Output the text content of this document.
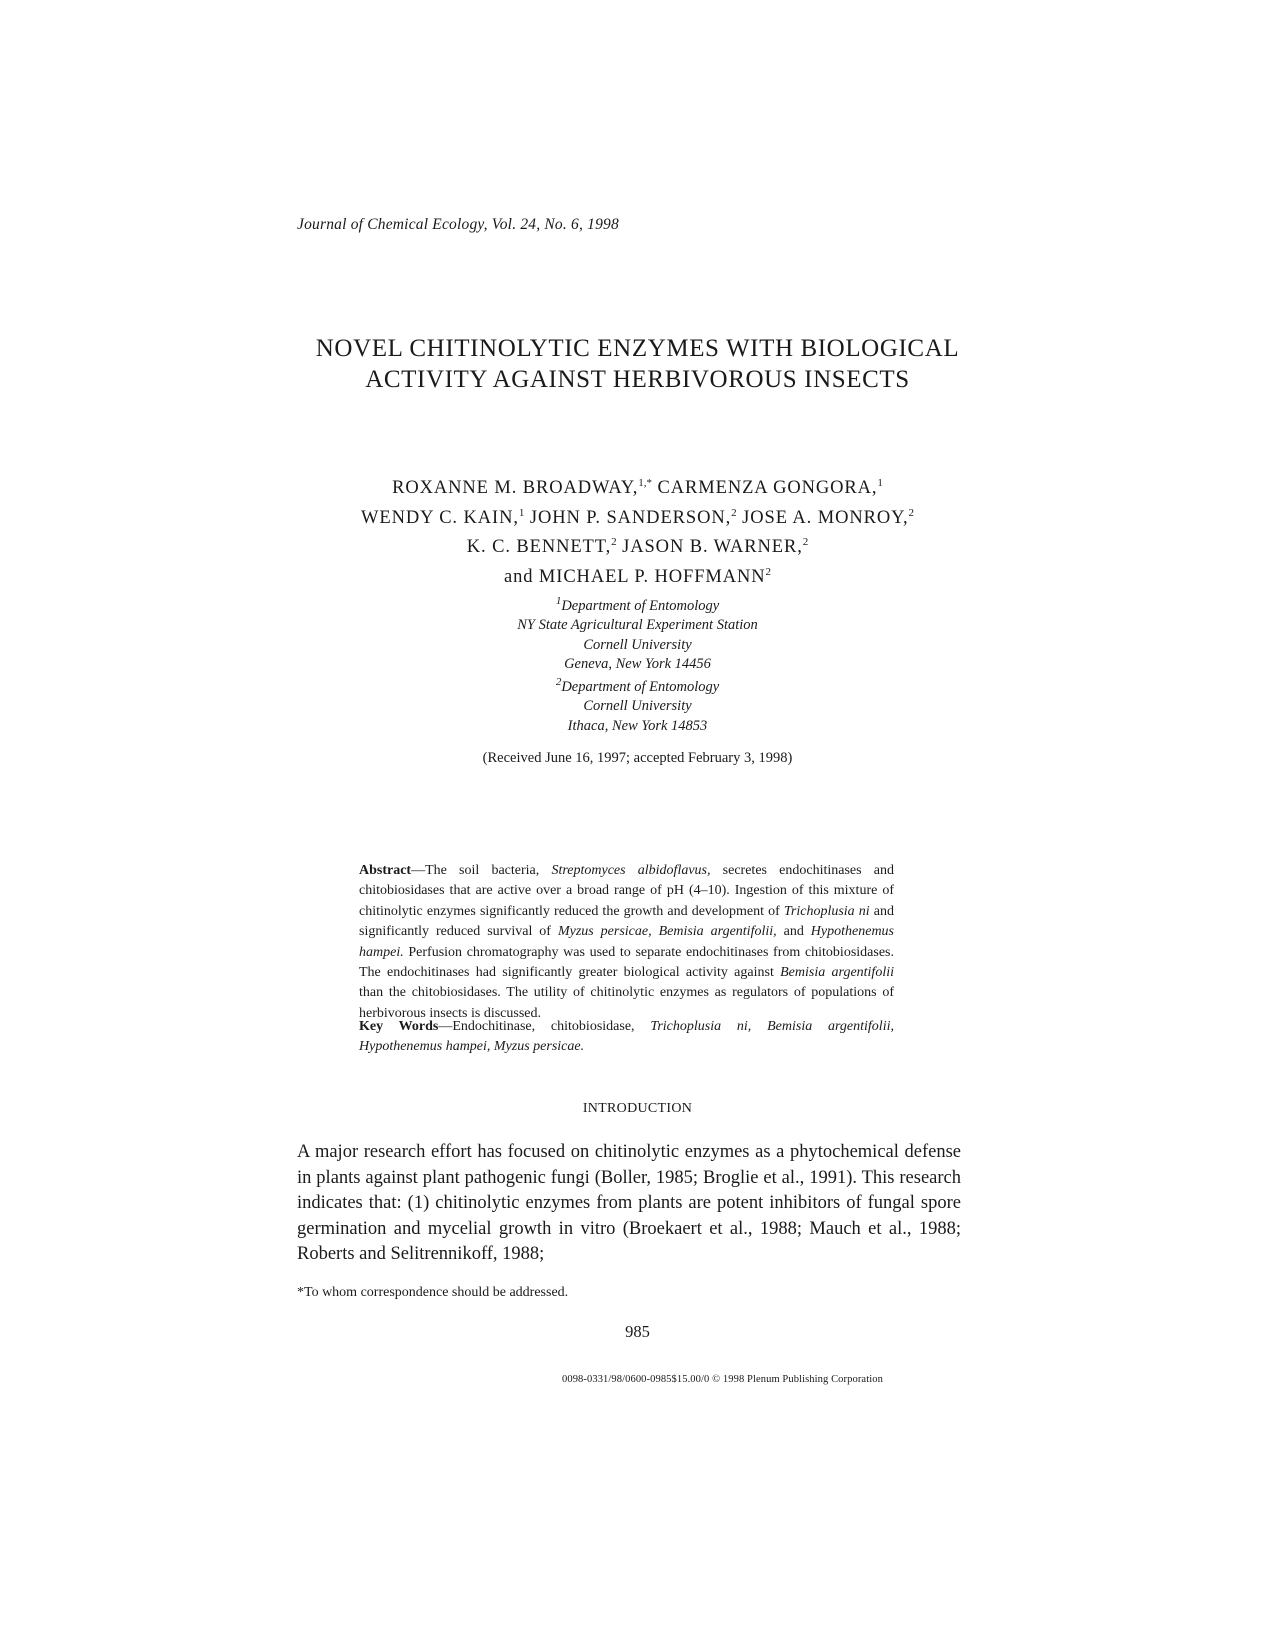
Journal of Chemical Ecology, Vol. 24, No. 6, 1998
NOVEL CHITINOLYTIC ENZYMES WITH BIOLOGICAL
ACTIVITY AGAINST HERBIVOROUS INSECTS
ROXANNE M. BROADWAY,$^{1,*}$ CARMENZA GONGORA,$^1$
WENDY C. KAIN,$^1$ JOHN P. SANDERSON,$^2$ JOSE A. MONROY,$^2$
K. C. BENNETT,$^2$ JASON B. WARNER,$^2$
and MICHAEL P. HOFFMANN$^2$
$^1$Department of Entomology
NY State Agricultural Experiment Station
Cornell University
Geneva, New York 14456
$^2$Department of Entomology
Cornell University
Ithaca, New York 14853
(Received June 16, 1997; accepted February 3, 1998)
Abstract—The soil bacteria, Streptomyces albidoflavus, secretes endochitinases and chitobiosidases that are active over a broad range of pH (4–10). Ingestion of this mixture of chitinolytic enzymes significantly reduced the growth and development of Trichoplusia ni and significantly reduced survival of Myzus persicae, Bemisia argentifolii, and Hypothenemus hampei. Perfusion chromatography was used to separate endochitinases from chitobiosidases. The endochitinases had significantly greater biological activity against Bemisia argentifolii than the chitobiosidases. The utility of chitinolytic enzymes as regulators of populations of herbivorous insects is discussed.
Key Words—Endochitinase, chitobiosidase, Trichoplusia ni, Bemisia argentifolii, Hypothenemus hampei, Myzus persicae.
INTRODUCTION
A major research effort has focused on chitinolytic enzymes as a phytochemical defense in plants against plant pathogenic fungi (Boller, 1985; Broglie et al., 1991). This research indicates that: (1) chitinolytic enzymes from plants are potent inhibitors of fungal spore germination and mycelial growth in vitro (Broekaert et al., 1988; Mauch et al., 1988; Roberts and Selitrennikoff, 1988;
*To whom correspondence should be addressed.
985
0098-0331/98/0600-0985$15.00/0 © 1998 Plenum Publishing Corporation
